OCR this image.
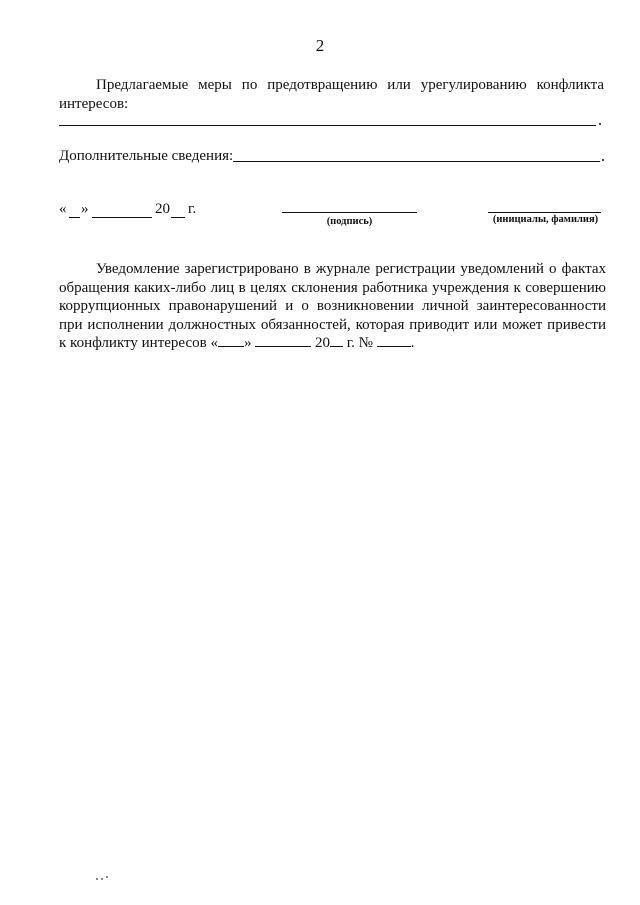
2
Предлагаемые меры по предотвращению или урегулированию конфликта интересов:
Дополнительные сведения:
« »	20 г.
(подпись)	(инициалы, фамилия)
Уведомление зарегистрировано в журнале регистрации уведомлений о фактах обращения каких-либо лиц в целях склонения работника учреждения к совершению коррупционных правонарушений и о возникновении личной заинтересованности при исполнении должностных обязанностей, которая приводит или может привести к конфликту интересов « »	20 г. №	.
